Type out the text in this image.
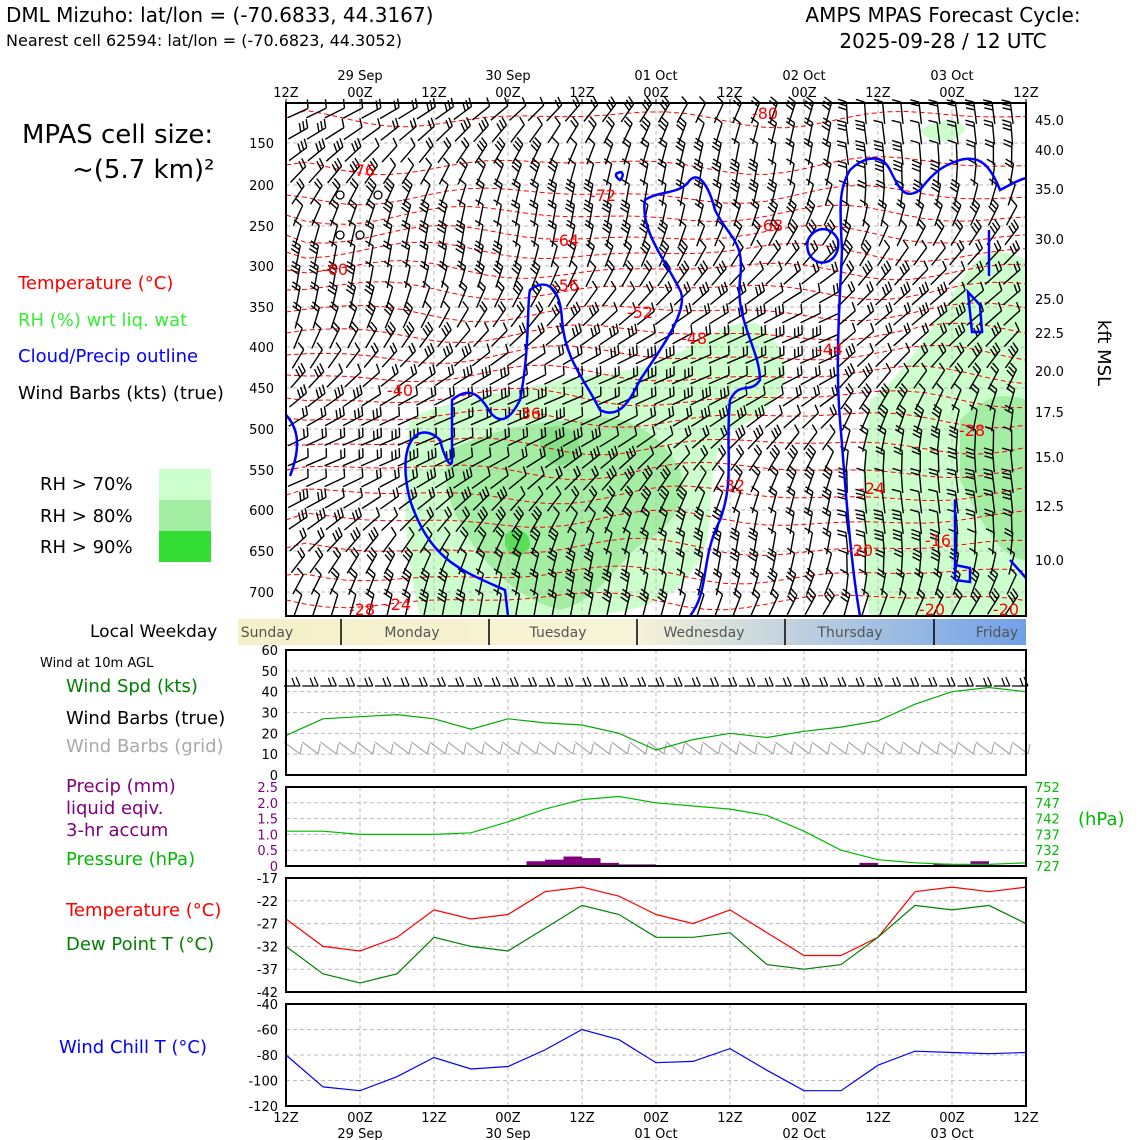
DML Mizuho: lat/lon = (-70.6833, 44.3167)
Nearest cell 62594: lat/lon = (-70.6823, 44.3052)
AMPS MPAS Forecast Cycle:
2025-09-28 / 12 UTC
MPAS cell size:
~(5.7 km)²
Temperature (°C)
RH (%) wrt liq. wat
Cloud/Precip outline
Wind Barbs (kts) (true)
RH > 70%
RH > 80%
RH > 90%
Local Weekday
Wind at 10m AGL
Wind Spd (kts)
Wind Barbs (true)
Wind Barbs (grid)
Precip (mm)
liquid eqiv.
3-hr accum
Pressure (hPa)
(hPa)
Temperature (°C)
Dew Point T (°C)
Wind Chill T (°C)
-80
-76
-72
-68
-64
-60
-56
-52
-48
-44
-40
-36
-32
-28 -24
-24
-20	-20
-20
-16
-28
150
200
250
300
350
400
450
500
550
600
650
700
45.0
40.0
35.0
30.0
25.0
22.5
20.0
17.5
15.0
12.5
10.0
12Z	00Z	12Z	00Z	12Z	00Z	12Z	00Z	12Z	00Z	12Z
29 Sep	30 Sep	01 Oct	02 Oct	03 Oct
kft MSL
Sunday	Monday	Tuesday	Wednesday	Thursday	Friday
60
50
40
30
20
10
0
2.5
2.0
1.5
1.0
0.5
0
752
747
742
737
732
727
-17
-22
-27
-32
-37
-42
-40
-60
-80
-100
-120
12Z	00Z	12Z	00Z	12Z	00Z	12Z	00Z	12Z	00Z	12Z
29 Sep	30 Sep	01 Oct	02 Oct	03 Oct
